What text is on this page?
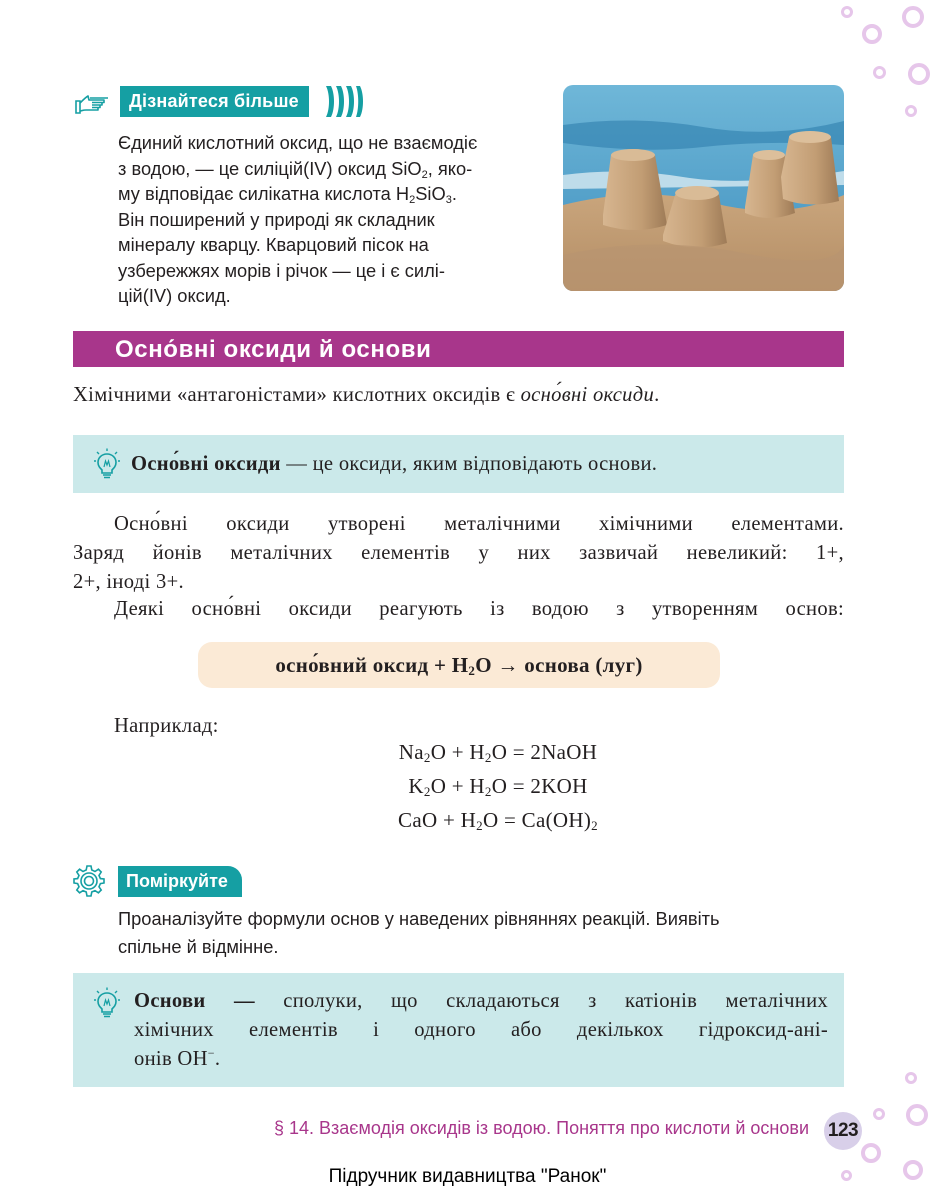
Дізнайтеся більше
Єдиний кислотний оксид, що не взаємодіє
з водою, — це силіцій(IV) оксид SiO$_2$, яко-
му відповідає силікатна кислота $H_2SiO_3$.
Він поширений у природі як складник
мінералу кварцу. Кварцовий пісок на
узбережжях морів і річок — це і є силі-
цій(IV) оксид.
Осно́вні оксиди й основи
Хімічними «антагоністами» кислотних оксидів є осно́вні оксиди.
Осно́вні оксиди — це оксиди, яким відповідають основи.
Осно́вні оксиди утворені металічними хімічними елементами.
Заряд йонів металічних елементів у них зазвичай невеликий: 1+,
2+, іноді 3+.
Деякі осно́вні оксиди реагують із водою з утворенням основ:
осно́вний оксид + $H_2O$ → основа (луг)
Наприклад:
$Na_2O + H_2O$ = 2NaOH
$K_2O + H_2O = 2KOH$
CaO + $H_2O = Ca(OH)_2$
Поміркуйте
Проаналізуйте формули основ у наведених рівняннях реакцій. Виявіть
спільне й відмінне.
Основи — сполуки, що складаються з катіонів металічних
хімічних елементів і одного або декількох гідроксид-ані-
онів OH−.
§ 14. Взаємодія оксидів із водою. Поняття про кислоти й основи 123
Підручник видавництва "Ранок"
